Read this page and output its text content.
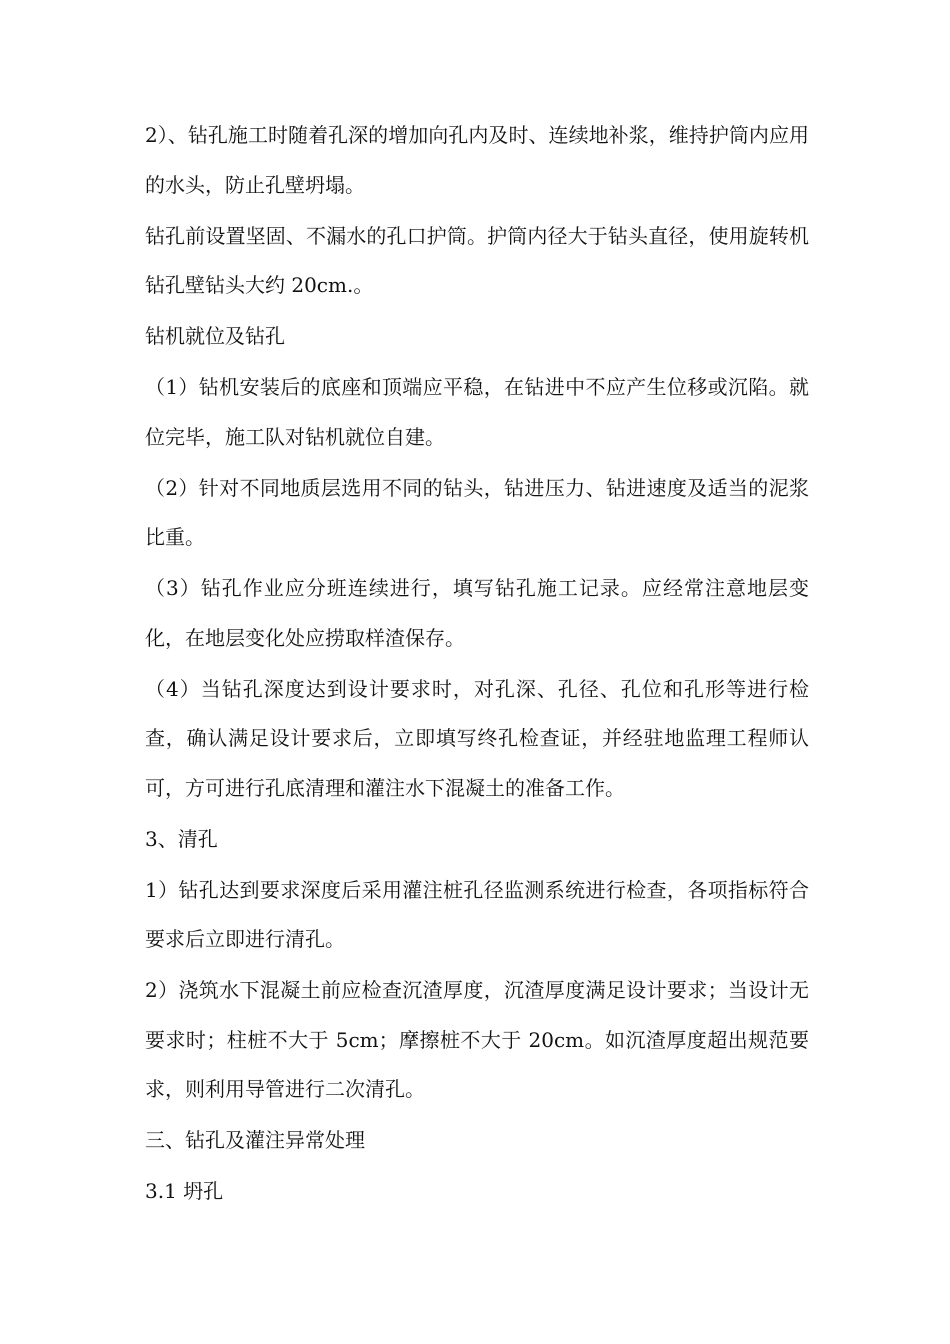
2）、钻孔施工时随着孔深的增加向孔内及时、连续地补浆，维持护筒内应用的水头，防止孔壁坍塌。

钻孔前设置坚固、不漏水的孔口护筒。护筒内径大于钻头直径，使用旋转机钻孔壁钻头大约 20cm.。

钻机就位及钻孔

（1）钻机安装后的底座和顶端应平稳，在钻进中不应产生位移或沉陷。就位完毕，施工队对钻机就位自建。

（2）针对不同地质层选用不同的钻头，钻进压力、钻进速度及适当的泥浆比重。

（3）钻孔作业应分班连续进行，填写钻孔施工记录。应经常注意地层变化，在地层变化处应捞取样渣保存。

（4）当钻孔深度达到设计要求时，对孔深、孔径、孔位和孔形等进行检查，确认满足设计要求后，立即填写终孔检查证，并经驻地监理工程师认可，方可进行孔底清理和灌注水下混凝土的准备工作。

3、清孔

1）钻孔达到要求深度后采用灌注桩孔径监测系统进行检查，各项指标符合要求后立即进行清孔。

2）浇筑水下混凝土前应检查沉渣厚度，沉渣厚度满足设计要求；当设计无要求时；柱桩不大于 5cm；摩擦桩不大于 20cm。如沉渣厚度超出规范要求，则利用导管进行二次清孔。

三、钻孔及灌注异常处理

3.1 坍孔
